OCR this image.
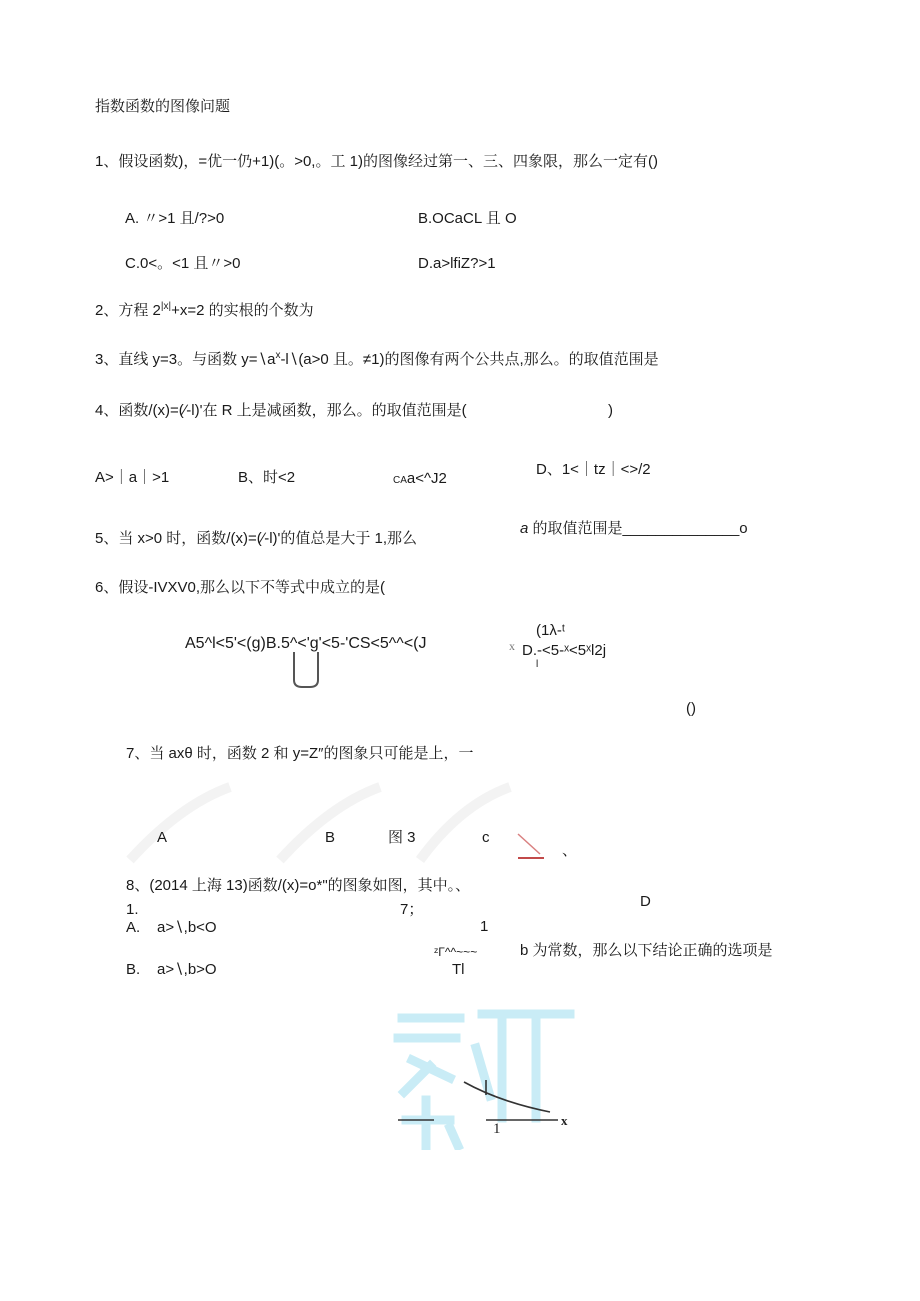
指数函数的图像问题
1、假设函数)，=优一仍+1)(。>0,。工 1)的图像经过第一、三、四象限，那么一定有()
A. 〃>1 且/?>0	B.OCaCL 且 O
C.0<。<1 且〃>0	D.a>lfiZ?>1
2、方程 $2^{|x|}+x=2$ 的实根的个数为
3、直线 y=3。与函数 $y=∖a^x-l∖(a>0$ 且。≠1)的图像有两个公共点,那么。的取值范围是
4、函数/(x)=(∕-l)'在 R 上是减函数，那么。的取值范围是(	)
A>｜a｜>1	B、时<2	CAa<^J2
D、1<｜tz｜<>/2
5、当 x>0 时，函数/(x)=(∕-l)'的值总是大于 1,那么
a 的取值范围是______________o
6、假设-IVXV0,那么以下不等式中成立的是(
A5^l<5'<(g)B.5^<'g'<5-'CS<5^^<(J	x
(1λ-ᵗ
D.-<5-ˣ<5ˣl2j
l
()
7、当 axθ 时，函数 2 和 y=Z″的图象只可能是上，一
A	B	图 3	c
、
D
8、(2014 上海 13)函数/(x)=o*"的图象如图，其中。、
1.	7；
A. a>∖,b<O	1
ᶻΓ^^~~~	b 为常数，那么以下结论正确的选项是
Tl
B. a>∖,b>O
1
x
